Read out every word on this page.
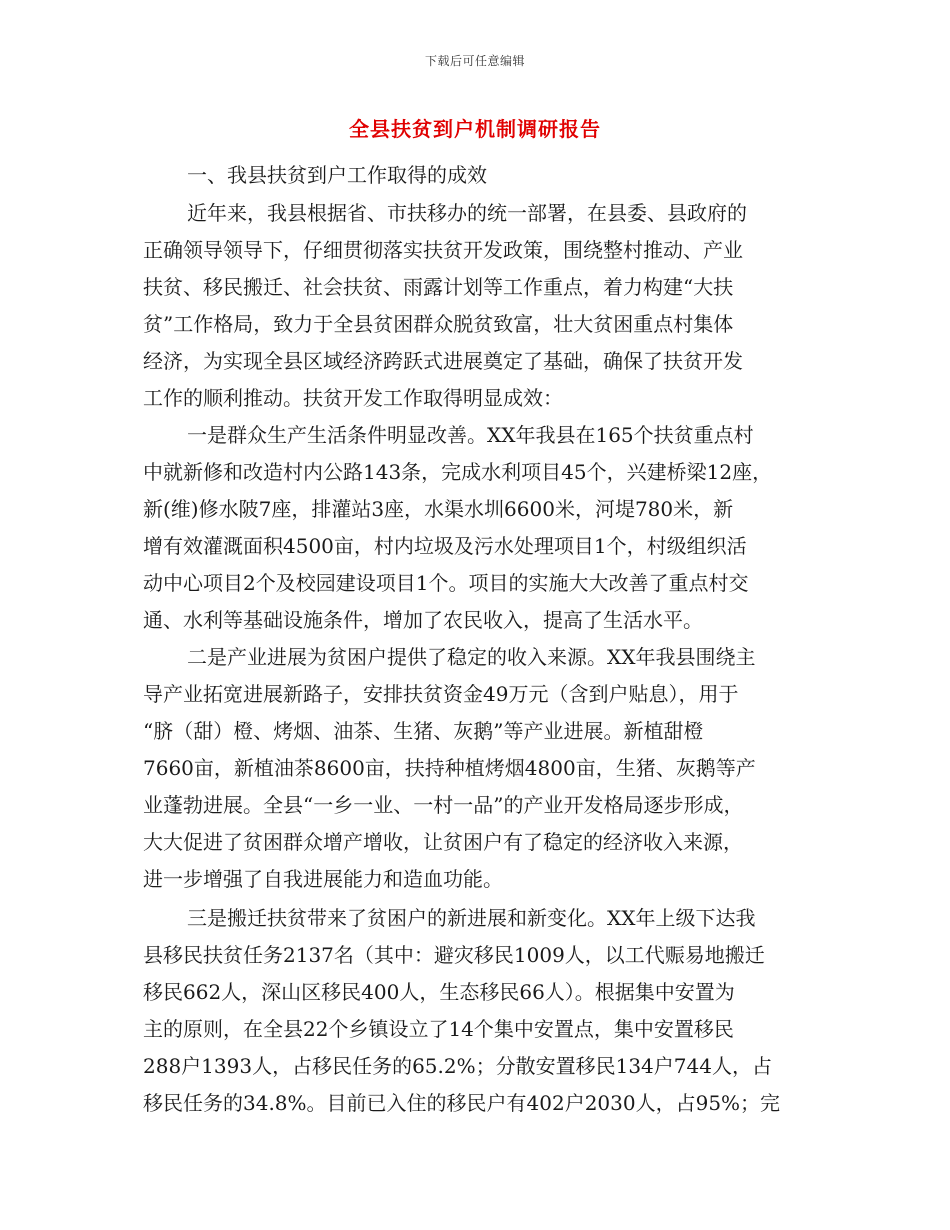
下载后可任意编辑
全县扶贫到户机制调研报告
一、我县扶贫到户工作取得的成效
近年来，我县根据省、市扶移办的统一部署，在县委、县政府的
正确领导领导下，仔细贯彻落实扶贫开发政策，围绕整村推动、产业
扶贫、移民搬迁、社会扶贫、雨露计划等工作重点，着力构建“大扶
贫”工作格局，致力于全县贫困群众脱贫致富，壮大贫困重点村集体
经济，为实现全县区域经济跨跃式进展奠定了基础，确保了扶贫开发
工作的顺利推动。扶贫开发工作取得明显成效：
一是群众生产生活条件明显改善。XX年我县在165个扶贫重点村
中就新修和改造村内公路143条，完成水利项目45个，兴建桥梁12座，
新(维)修水陂7座，排灌站3座，水渠水圳6600米，河堤780米，新
增有效灌溉面积4500亩，村内垃圾及污水处理项目1个，村级组织活
动中心项目2个及校园建设项目1个。项目的实施大大改善了重点村交
通、水利等基础设施条件，增加了农民收入，提高了生活水平。
二是产业进展为贫困户提供了稳定的收入来源。XX年我县围绕主
导产业拓宽进展新路子，安排扶贫资金49万元（含到户贴息），用于
“脐（甜）橙、烤烟、油茶、生猪、灰鹅”等产业进展。新植甜橙
7660亩，新植油茶8600亩，扶持种植烤烟4800亩，生猪、灰鹅等产
业蓬勃进展。全县“一乡一业、一村一品”的产业开发格局逐步形成，
大大促进了贫困群众增产增收，让贫困户有了稳定的经济收入来源，
进一步增强了自我进展能力和造血功能。
三是搬迁扶贫带来了贫困户的新进展和新变化。XX年上级下达我
县移民扶贫任务2137名（其中：避灾移民1009人，以工代赈易地搬迁
移民662人，深山区移民400人，生态移民66人）。根据集中安置为
主的原则，在全县22个乡镇设立了14个集中安置点，集中安置移民
288户1393人，占移民任务的65.2%；分散安置移民134户744人，占
移民任务的34.8%。目前已入住的移民户有402户2030人，占95%；完
